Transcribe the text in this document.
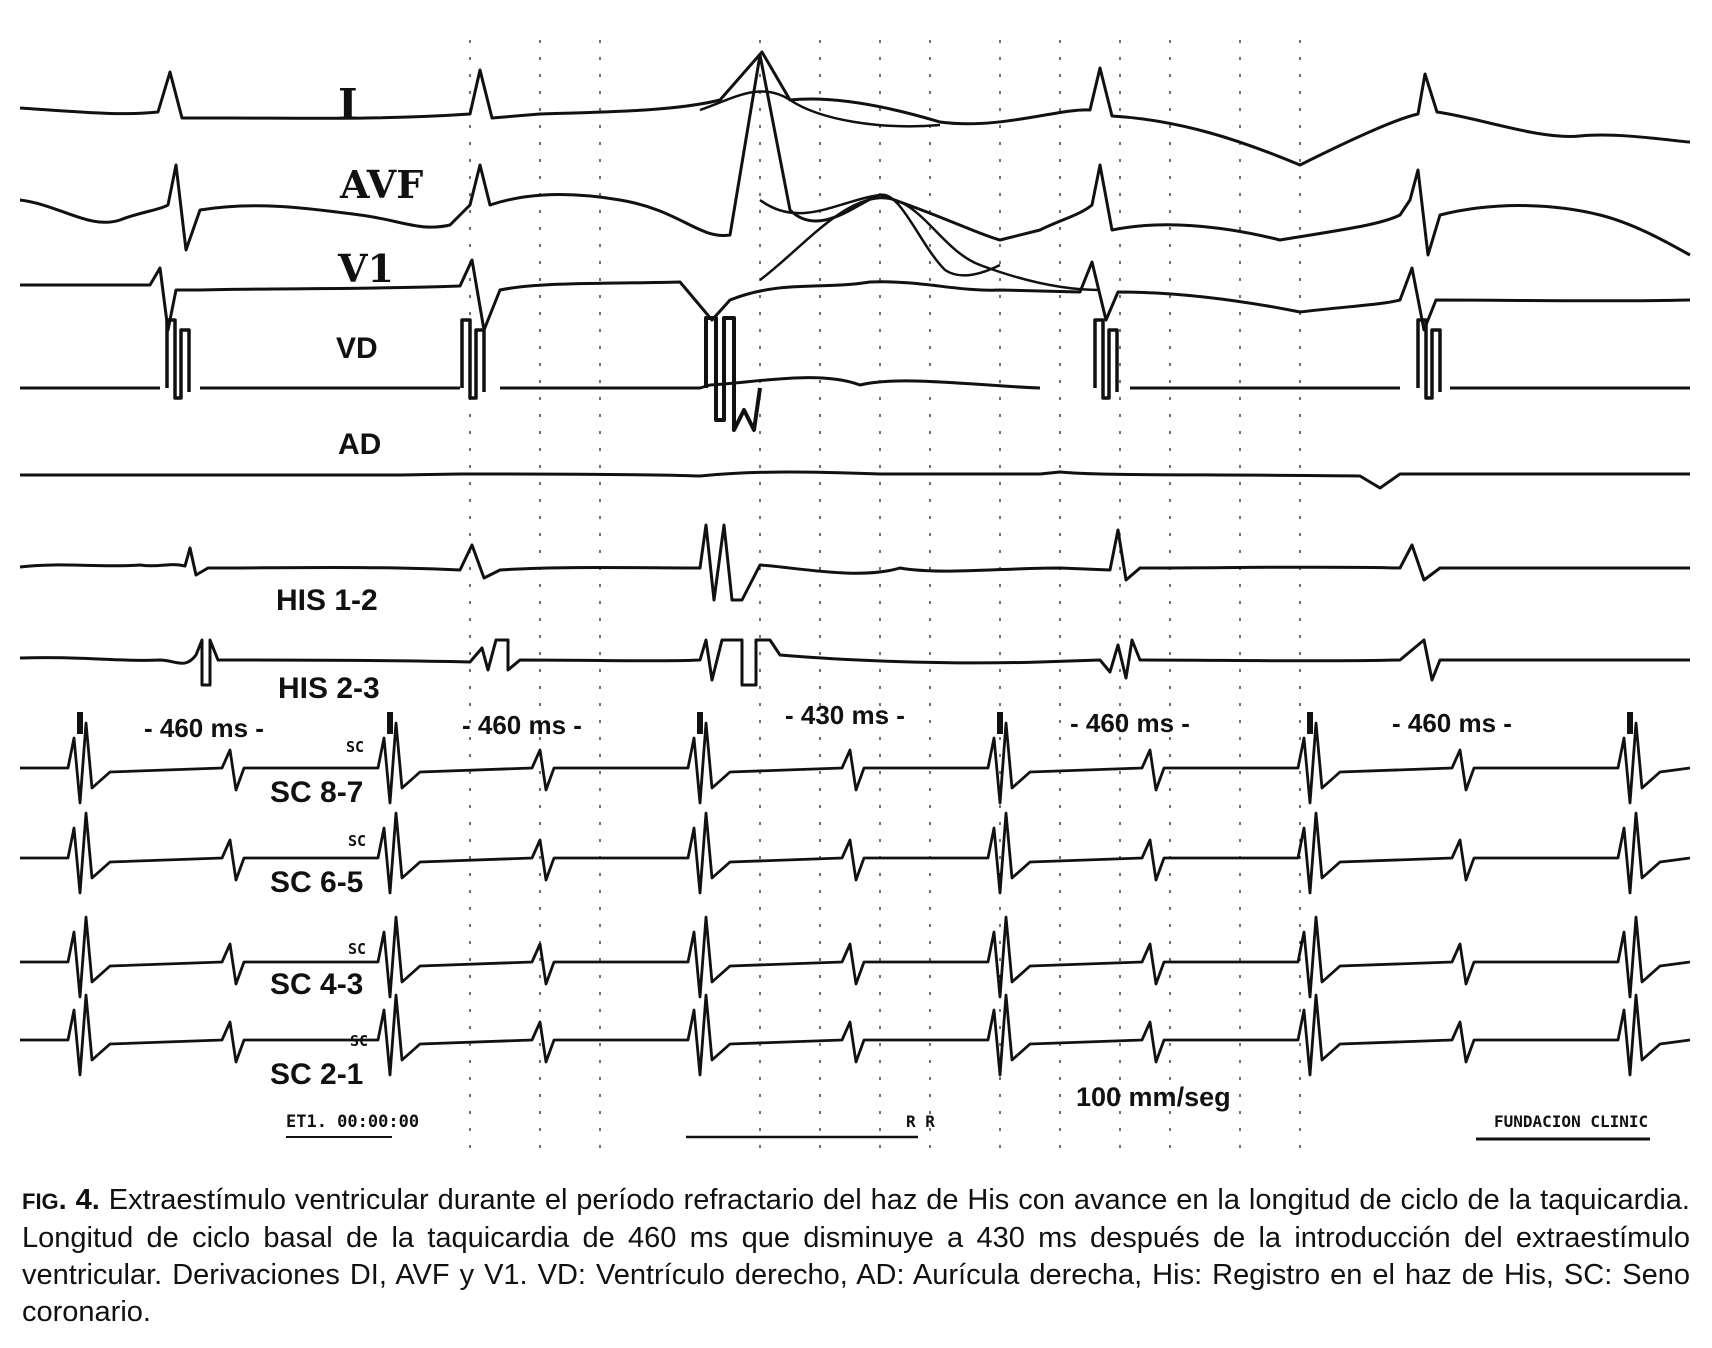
I
AVF
V1
VD
AD
HIS 1-2
HIS 2-3
SC 8-7
SC 6-5
SC 4-3
SC 2-1
- 460 ms -	- 460 ms -	- 430 ms -	- 460 ms -	- 460 ms -
SC
SC
SC
SC
100 mm/seg
ET1. 00:00:00	R R	FUNDACION CLINIC
FIG. 4. Extraestímulo ventricular durante el período refractario del haz de His con avance en la longitud de ciclo de la taquicardia. Longitud de ciclo basal de la taquicardia de 460 ms que disminuye a 430 ms después de la introducción del extraestímulo ventricular. Derivaciones DI, AVF y V1. VD: Ventrículo derecho, AD: Aurícula derecha, His: Registro en el haz de His, SC: Seno coronario.
